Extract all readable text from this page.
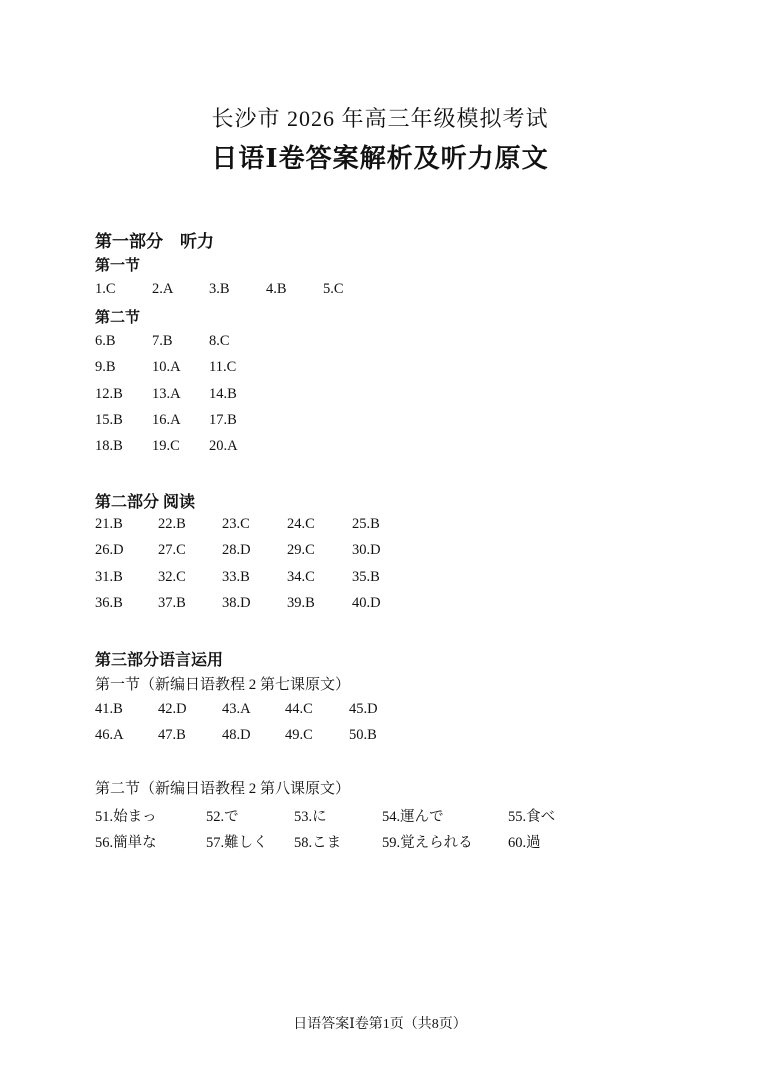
长沙市 2026 年高三年级模拟考试
日语Ⅰ卷答案解析及听力原文
第一部分　听力
第一节
1.C	2.A 3.B	4.B	5.C
第二节
6.B	7.B	8.C
9.B	10.A 11.C
12.B 13.A 14.B
15.B 16.A 17.B
18.B 19.C 20.A
第二部分 阅读
21.B 22.B 23.C	24.C	25.B
26.D 27.C 28.D	29.C	30.D
31.B 32.C 33.B	34.C	35.B
36.B 37.B 38.D	39.B	40.D
第三部分语言运用
第一节（新编日语教程 2 第七课原文）
41.B 42.D 43.A 44.C 45.D
46.A 47.B 48.D 49.C 50.B
第二节（新编日语教程 2 第八课原文）
51.始まっ	52.で	53.に	54.運んで	55.食べ
56.簡単な	57.難しく 58.こま	59.覚えられる 60.過
日语答案Ⅰ卷第1页（共8页）
